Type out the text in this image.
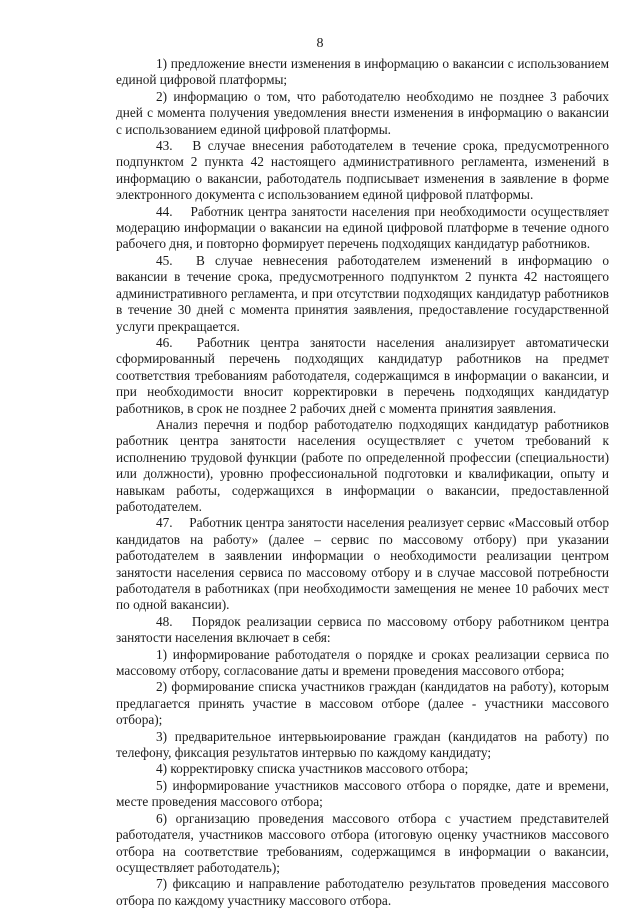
8

1) предложение внести изменения в информацию о вакансии с использованием единой цифровой платформы;

2) информацию о том, что работодателю необходимо не позднее 3 рабочих дней с момента получения уведомления внести изменения в информацию о вакансии с использованием единой цифровой платформы.

43.  В случае внесения работодателем в течение срока, предусмотренного подпунктом 2 пункта 42 настоящего административного регламента, изменений в информацию о вакансии, работодатель подписывает изменения в заявление в форме электронного документа с использованием единой цифровой платформы.

44.  Работник центра занятости населения при необходимости осуществляет модерацию информации о вакансии на единой цифровой платформе в течение одного рабочего дня, и повторно формирует перечень подходящих кандидатур работников.

45.  В случае невнесения работодателем изменений в информацию о вакансии в течение срока, предусмотренного подпунктом 2 пункта 42 настоящего административного регламента, и при отсутствии подходящих кандидатур работников в течение 30 дней с момента принятия заявления, предоставление государственной услуги прекращается.

46.  Работник центра занятости населения анализирует автоматически сформированный перечень подходящих кандидатур работников на предмет соответствия требованиям работодателя, содержащимся в информации о вакансии, и при необходимости вносит корректировки в перечень подходящих кандидатур работников, в срок не позднее 2 рабочих дней с момента принятия заявления.

Анализ перечня и подбор работодателю подходящих кандидатур работников работник центра занятости населения осуществляет с учетом требований к исполнению трудовой функции (работе по определенной профессии (специальности) или должности), уровню профессиональной подготовки и квалификации, опыту и навыкам работы, содержащихся в информации о вакансии, предоставленной работодателем.

47.  Работник центра занятости населения реализует сервис «Массовый отбор кандидатов на работу» (далее – сервис по массовому отбору) при указании работодателем в заявлении информации о необходимости реализации центром занятости населения сервиса по массовому отбору и в случае массовой потребности работодателя в работниках (при необходимости замещения не менее 10 рабочих мест по одной вакансии).

48.  Порядок реализации сервиса по массовому отбору работником центра занятости населения включает в себя:

1) информирование работодателя о порядке и сроках реализации сервиса по массовому отбору, согласование даты и времени проведения массового отбора;

2) формирование списка участников граждан (кандидатов на работу), которым предлагается принять участие в массовом отборе (далее - участники массового отбора);

3) предварительное интервьюирование граждан (кандидатов на работу) по телефону, фиксация результатов интервью по каждому кандидату;

4) корректировку списка участников массового отбора;

5) информирование участников массового отбора о порядке, дате и времени, месте проведения массового отбора;

6) организацию проведения массового отбора с участием представителей работодателя, участников массового отбора (итоговую оценку участников массового отбора на соответствие требованиям, содержащимся в информации о вакансии, осуществляет работодатель);

7) фиксацию и направление работодателю результатов проведения массового отбора по каждому участнику массового отбора.
